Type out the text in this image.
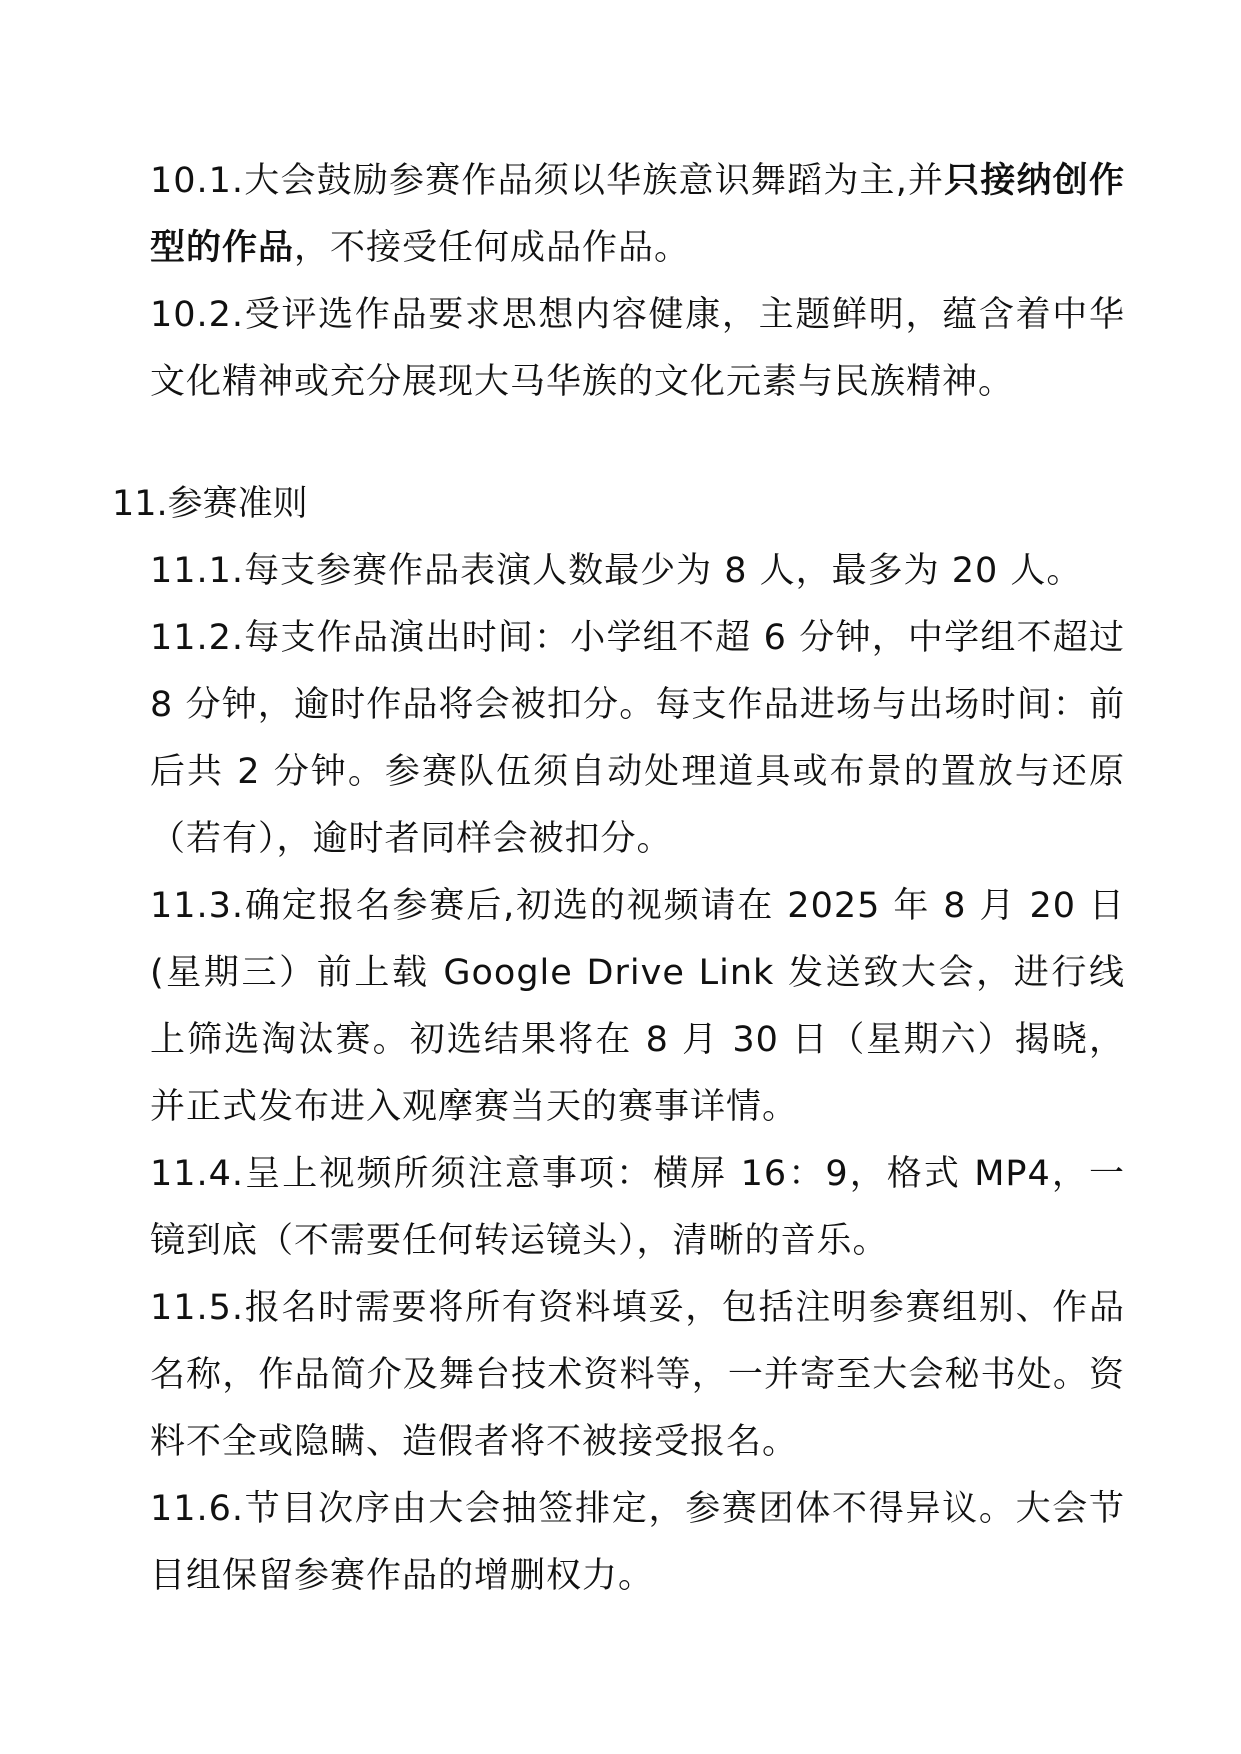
10.1.大会鼓励参赛作品须以华族意识舞蹈为主,并只接纳创作型的作品，不接受任何成品作品。

10.2.受评选作品要求思想内容健康，主题鲜明，蕴含着中华文化精神或充分展现大马华族的文化元素与民族精神。

11.参赛准则

11.1.每支参赛作品表演人数最少为 8 人，最多为 20 人。

11.2.每支作品演出时间：小学组不超 6 分钟，中学组不超过 8 分钟，逾时作品将会被扣分。每支作品进场与出场时间：前后共 2 分钟。参赛队伍须自动处理道具或布景的置放与还原（若有），逾时者同样会被扣分。

11.3.确定报名参赛后,初选的视频请在 2025 年 8 月 20 日(星期三）前上载 Google Drive Link 发送致大会，进行线上筛选淘汰赛。初选结果将在 8 月 30 日（星期六）揭晓，并正式发布进入观摩赛当天的赛事详情。

11.4.呈上视频所须注意事项：横屏 16：9，格式 MP4，一镜到底（不需要任何转运镜头），清晰的音乐。

11.5.报名时需要将所有资料填妥，包括注明参赛组别、作品名称，作品简介及舞台技术资料等，一并寄至大会秘书处。资料不全或隐瞒、造假者将不被接受报名。

11.6.节目次序由大会抽签排定，参赛团体不得异议。大会节目组保留参赛作品的增删权力。
